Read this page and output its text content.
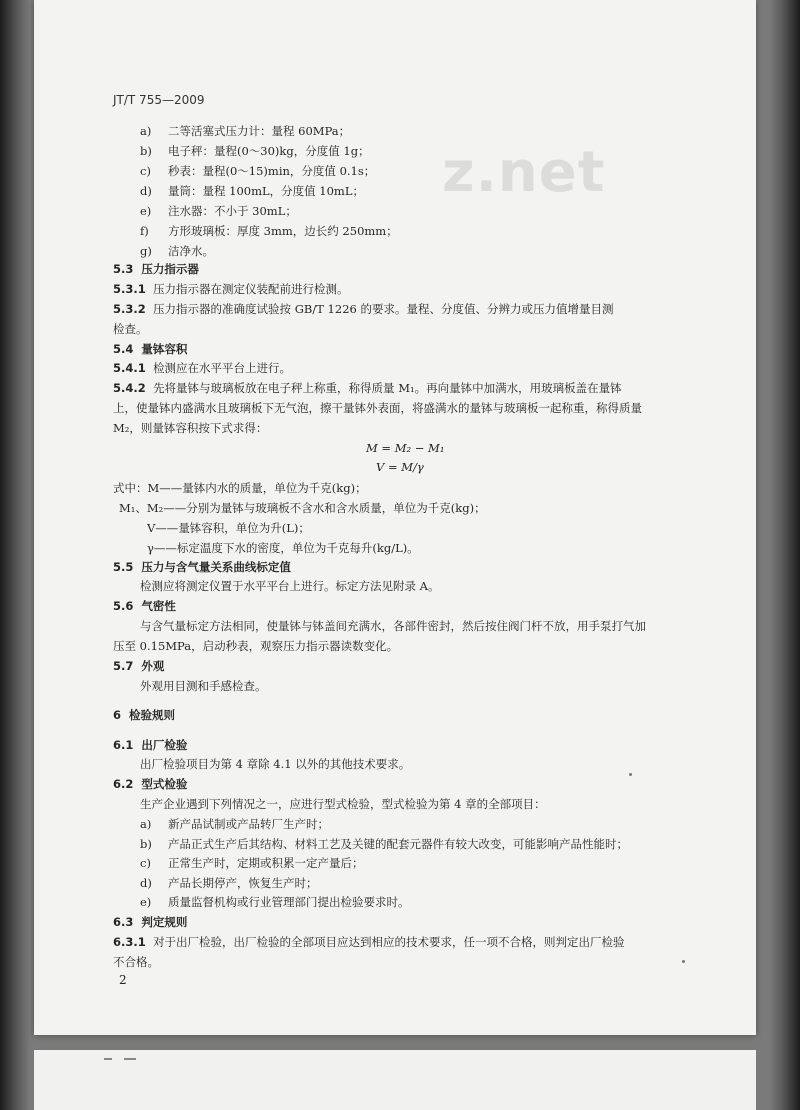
z.net
JT/T 755—2009
a) 二等活塞式压力计：量程 60MPa；
b) 电子秤：量程(0～30)kg，分度值 1g；
c) 秒表：量程(0～15)min，分度值 0.1s；
d) 量筒：量程 100mL，分度值 10mL；
e) 注水器：不小于 30mL；
f) 方形玻璃板：厚度 3mm，边长约 250mm；
g) 洁净水。
5.3 压力指示器
5.3.1 压力指示器在测定仪装配前进行检测。
5.3.2 压力指示器的准确度试验按 GB/T 1226 的要求。量程、分度值、分辨力或压力值增量目测
检查。
5.4 量钵容积
5.4.1 检测应在水平平台上进行。
5.4.2 先将量钵与玻璃板放在电子秤上称重，称得质量 M₁。再向量钵中加满水，用玻璃板盖在量钵
上，使量钵内盛满水且玻璃板下无气泡，擦干量钵外表面，将盛满水的量钵与玻璃板一起称重，称得质量
M₂，则量钵容积按下式求得：
M = M₂ − M₁
V = M/γ
式中：M——量钵内水的质量，单位为千克(kg)；
M₁、M₂——分别为量钵与玻璃板不含水和含水质量，单位为千克(kg)；
V——量钵容积，单位为升(L)；
γ——标定温度下水的密度，单位为千克每升(kg/L)。
5.5 压力与含气量关系曲线标定值
检测应将测定仪置于水平平台上进行。标定方法见附录 A。
5.6 气密性
与含气量标定方法相同，使量钵与钵盖间充满水，各部件密封，然后按住阀门杆不放，用手泵打气加
压至 0.15MPa，启动秒表，观察压力指示器读数变化。
5.7 外观
外观用目测和手感检查。
6 检验规则
6.1 出厂检验
出厂检验项目为第 4 章除 4.1 以外的其他技术要求。
6.2 型式检验
生产企业遇到下列情况之一，应进行型式检验，型式检验为第 4 章的全部项目：
a) 新产品试制或产品转厂生产时；
b) 产品正式生产后其结构、材料工艺及关键的配套元器件有较大改变，可能影响产品性能时；
c) 正常生产时，定期或积累一定产量后；
d) 产品长期停产，恢复生产时；
e) 质量监督机构或行业管理部门提出检验要求时。
6.3 判定规则
6.3.1 对于出厂检验，出厂检验的全部项目应达到相应的技术要求，任一项不合格，则判定出厂检验
不合格。
2
